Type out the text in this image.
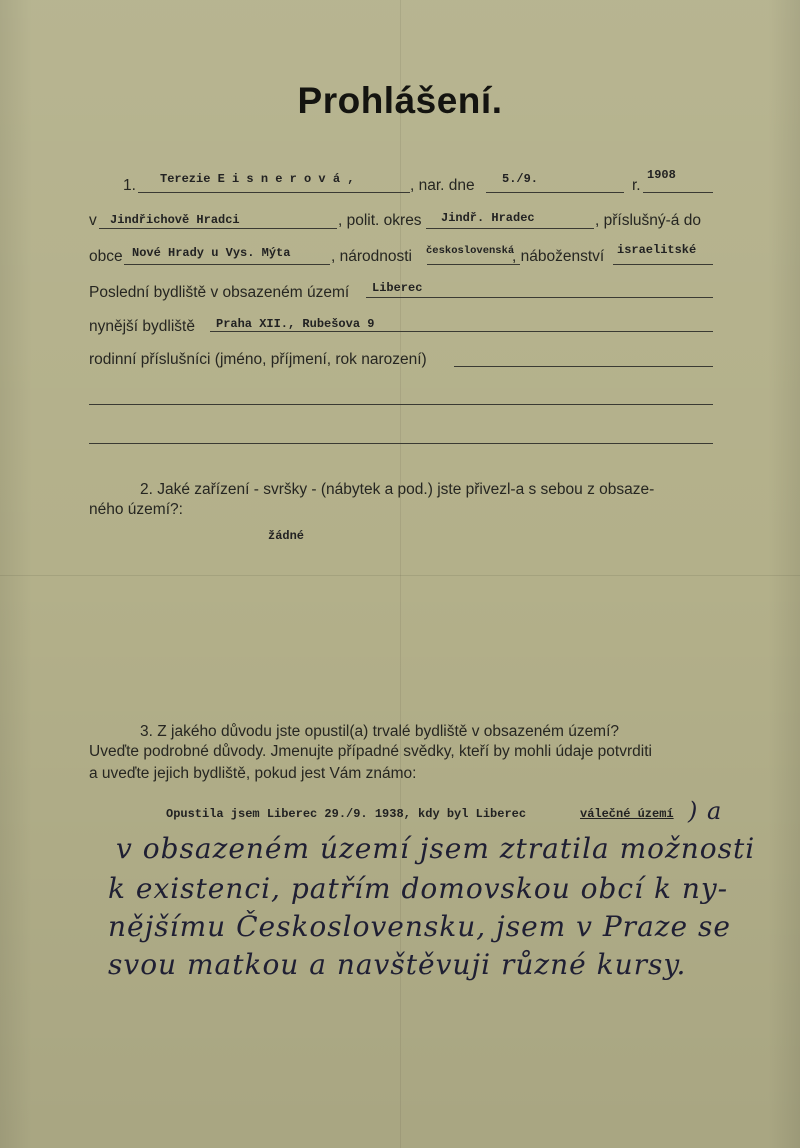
Prohlášení.
1. Terezie E i s n e r o v á ,	, nar. dne 5./9.	r.
1908
v Jindřichově Hradci	, polit. okres Jindř. Hradec	, příslušný-á do
obce Nové Hrady u Vys. Mýta	, národnosti československá
, náboženství israelitské
Poslední bydliště v obsazeném území Liberec
nynější bydliště Praha XII., Rubešova 9
rodinní příslušníci (jméno, příjmení, rok narození)
2. Jaké zařízení - svršky - (nábytek a pod.) jste přivezl-a s sebou z obsaze-
ného území?:
žádné
3. Z jakého důvodu jste opustil(a) trvalé bydliště v obsazeném území?
Uveďte podrobné důvody. Jmenujte případné svědky, kteří by mohli údaje potvrditi
a uveďte jejich bydliště, pokud jest Vám známo:
Opustila jsem Liberec 29./9. 1938, kdy byl Liberec	válečné území ) a
v obsazeném území jsem ztratila možnosti
k existenci, patřím domovskou obcí k ny-
nějšímu Československu, jsem v Praze se
svou matkou a navštěvuji různé kursy.
